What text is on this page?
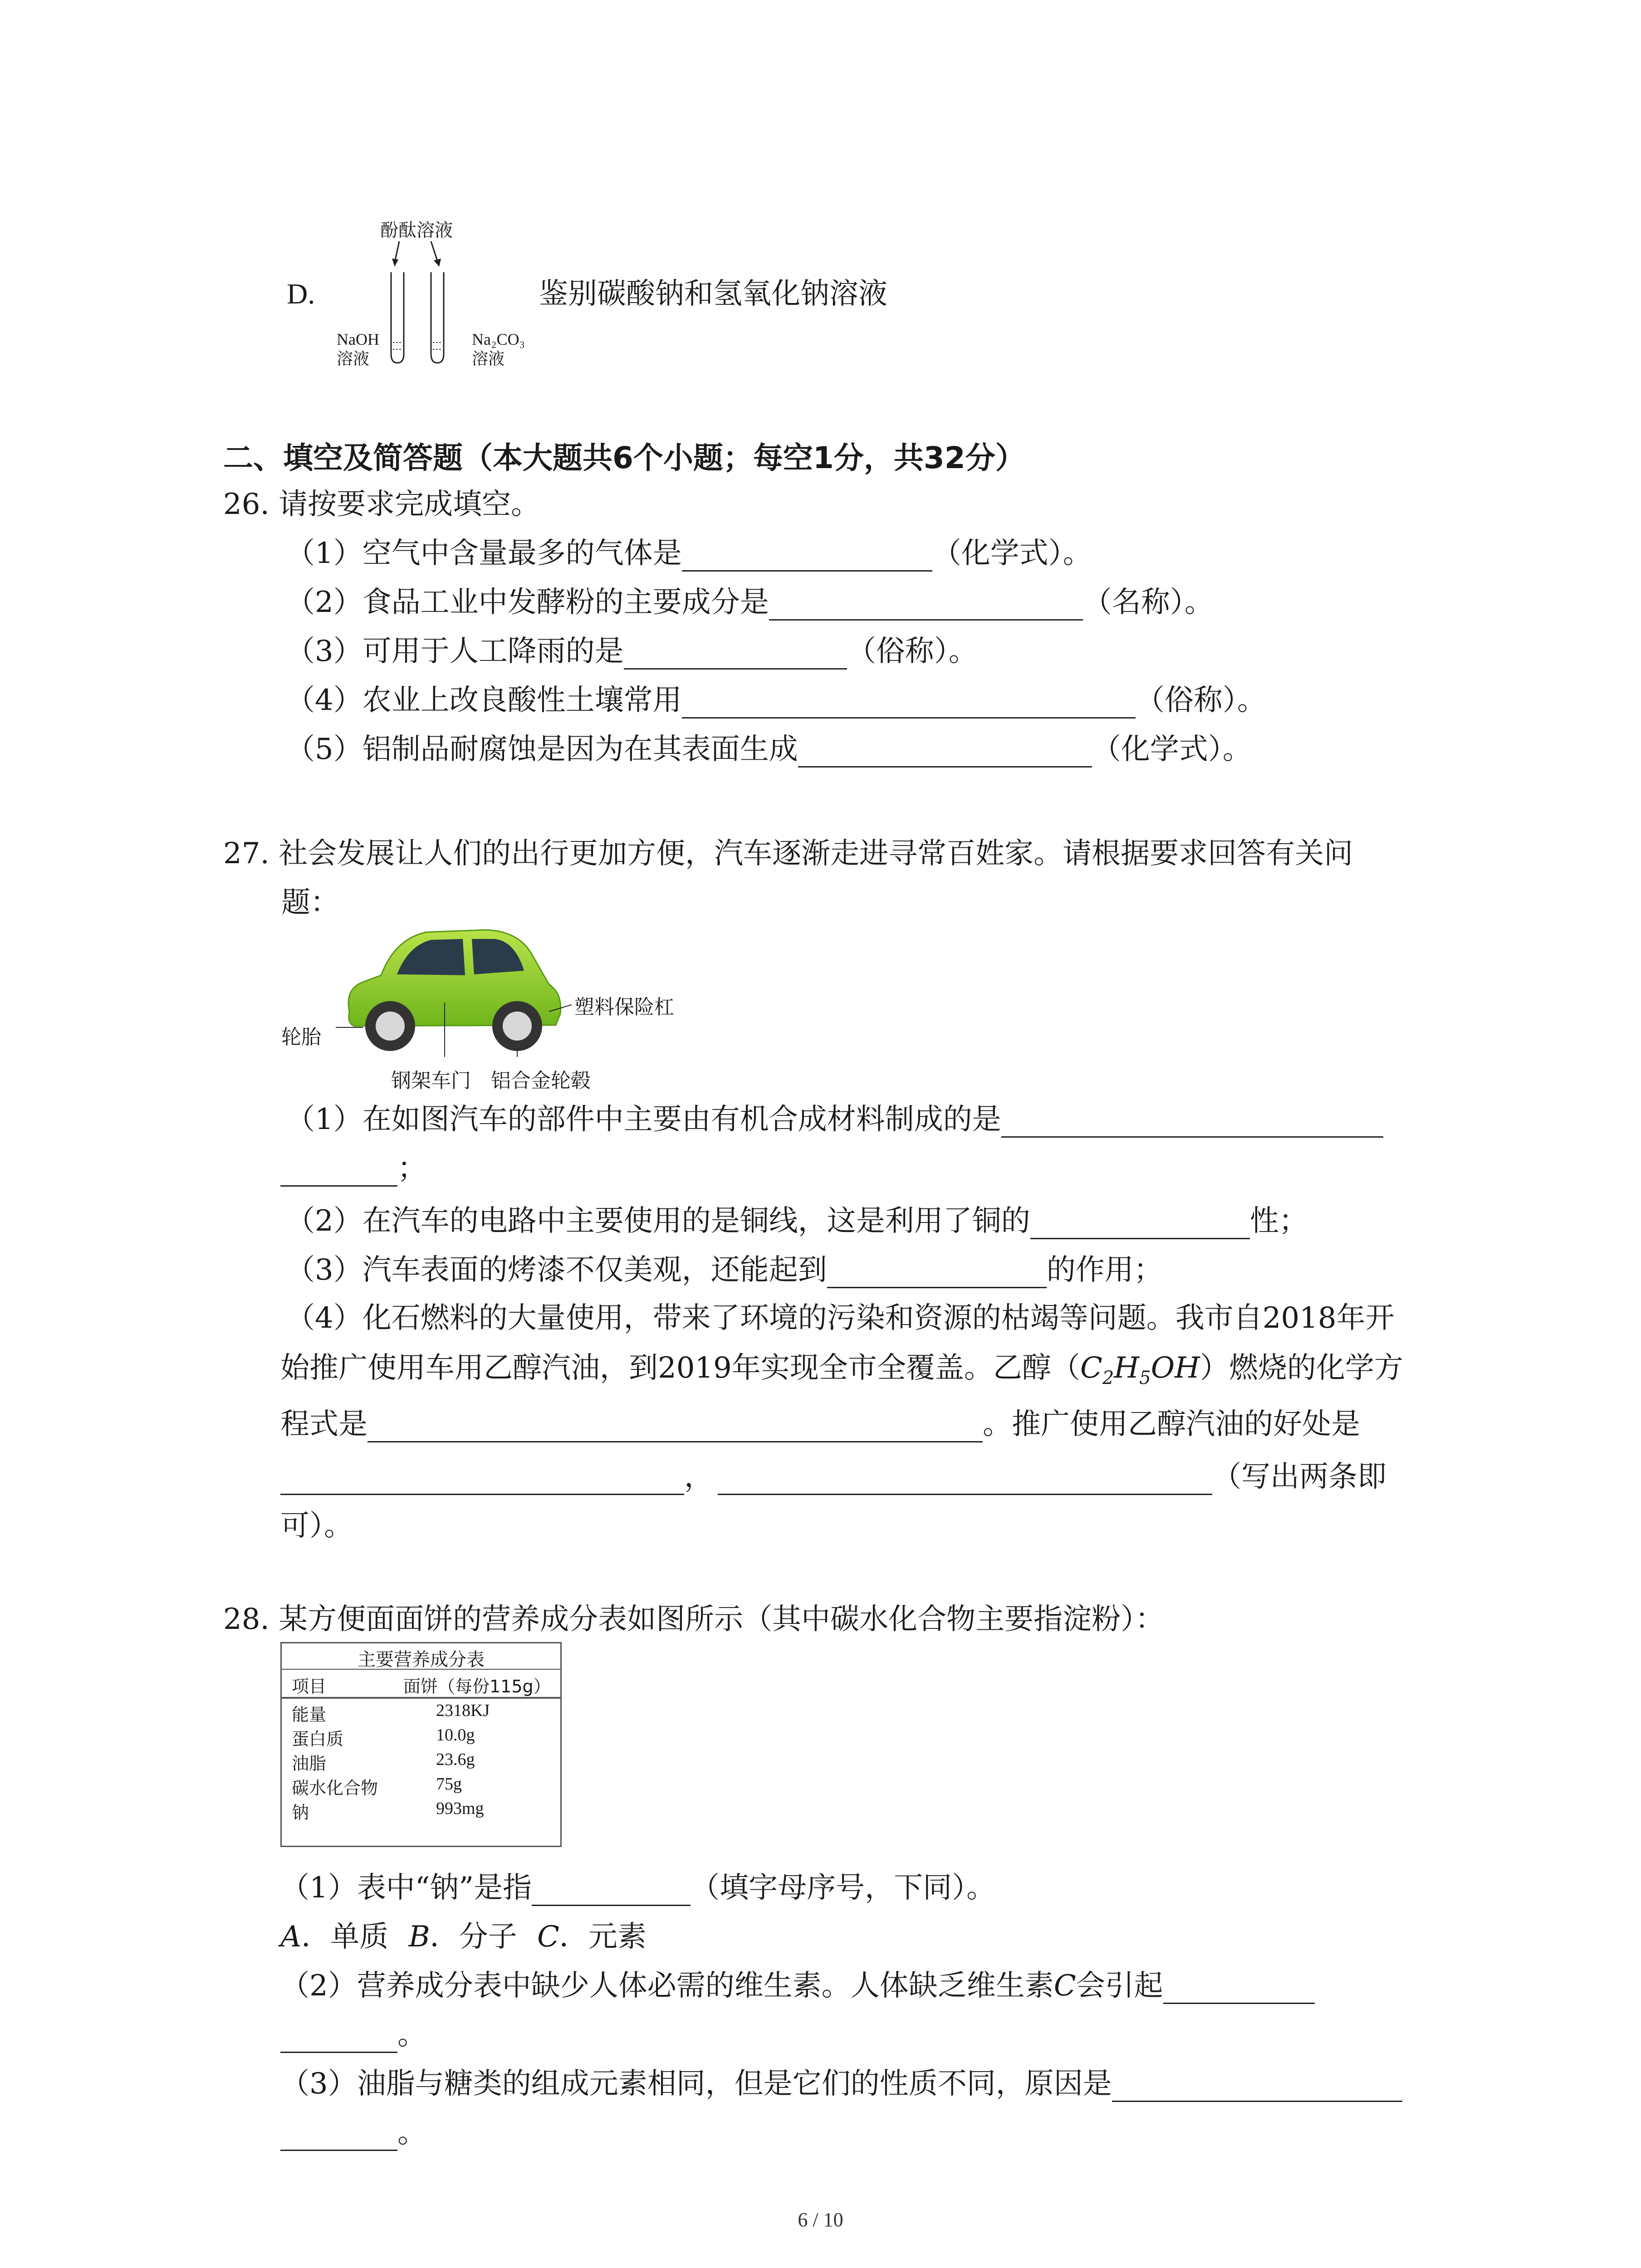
酚酞溶液
D.	鉴别碳酸钠和氢氧化钠溶液
NaOH
溶液
Na₂CO₃
溶液
二、填空及简答题（本大题共6个小题；每空1分，共32分）
26. 请按要求完成填空。
（1）空气中含量最多的气体是	（化学式）。
（2）食品工业中发酵粉的主要成分是	（名称）。
（3）可用于人工降雨的是	（俗称）。
（4）农业上改良酸性土壤常用	（俗称）。
（5）铝制品耐腐蚀是因为在其表面生成	（化学式）。
27. 社会发展让人们的出行更加方便，汽车逐渐走进寻常百姓家。请根据要求回答有关问
题：
塑料保险杠
轮胎
钢架车门 铝合金轮毂
（1）在如图汽车的部件中主要由有机合成材料制成的是
；
（2）在汽车的电路中主要使用的是铜线，这是利用了铜的	性；
（3）汽车表面的烤漆不仅美观，还能起到	的作用；
（4）化石燃料的大量使用，带来了环境的污染和资源的枯竭等问题。我市自2018年开
始推广使用车用乙醇汽油，到2019年实现全市全覆盖。乙醇$(C_2H_5OH)$燃烧的化学方
程式是	。推广使用乙醇汽油的好处是
，	（写出两条即
可）。
28. 某方便面面饼的营养成分表如图所示（其中碳水化合物主要指淀粉）：
主要营养成分表
项目	面饼（每份115g）
能量	2318KJ
蛋白质	10.0g
油脂	23.6g
碳水化合物	75g
钠	993mg
（1）表中“钠”是指	（填字母序号，下同）。
A．单质 B．分子 C．元素
（2）营养成分表中缺少人体必需的维生素。人体缺乏维生素C会引起
。
（3）油脂与糖类的组成元素相同，但是它们的性质不同，原因是
。
6 / 10
